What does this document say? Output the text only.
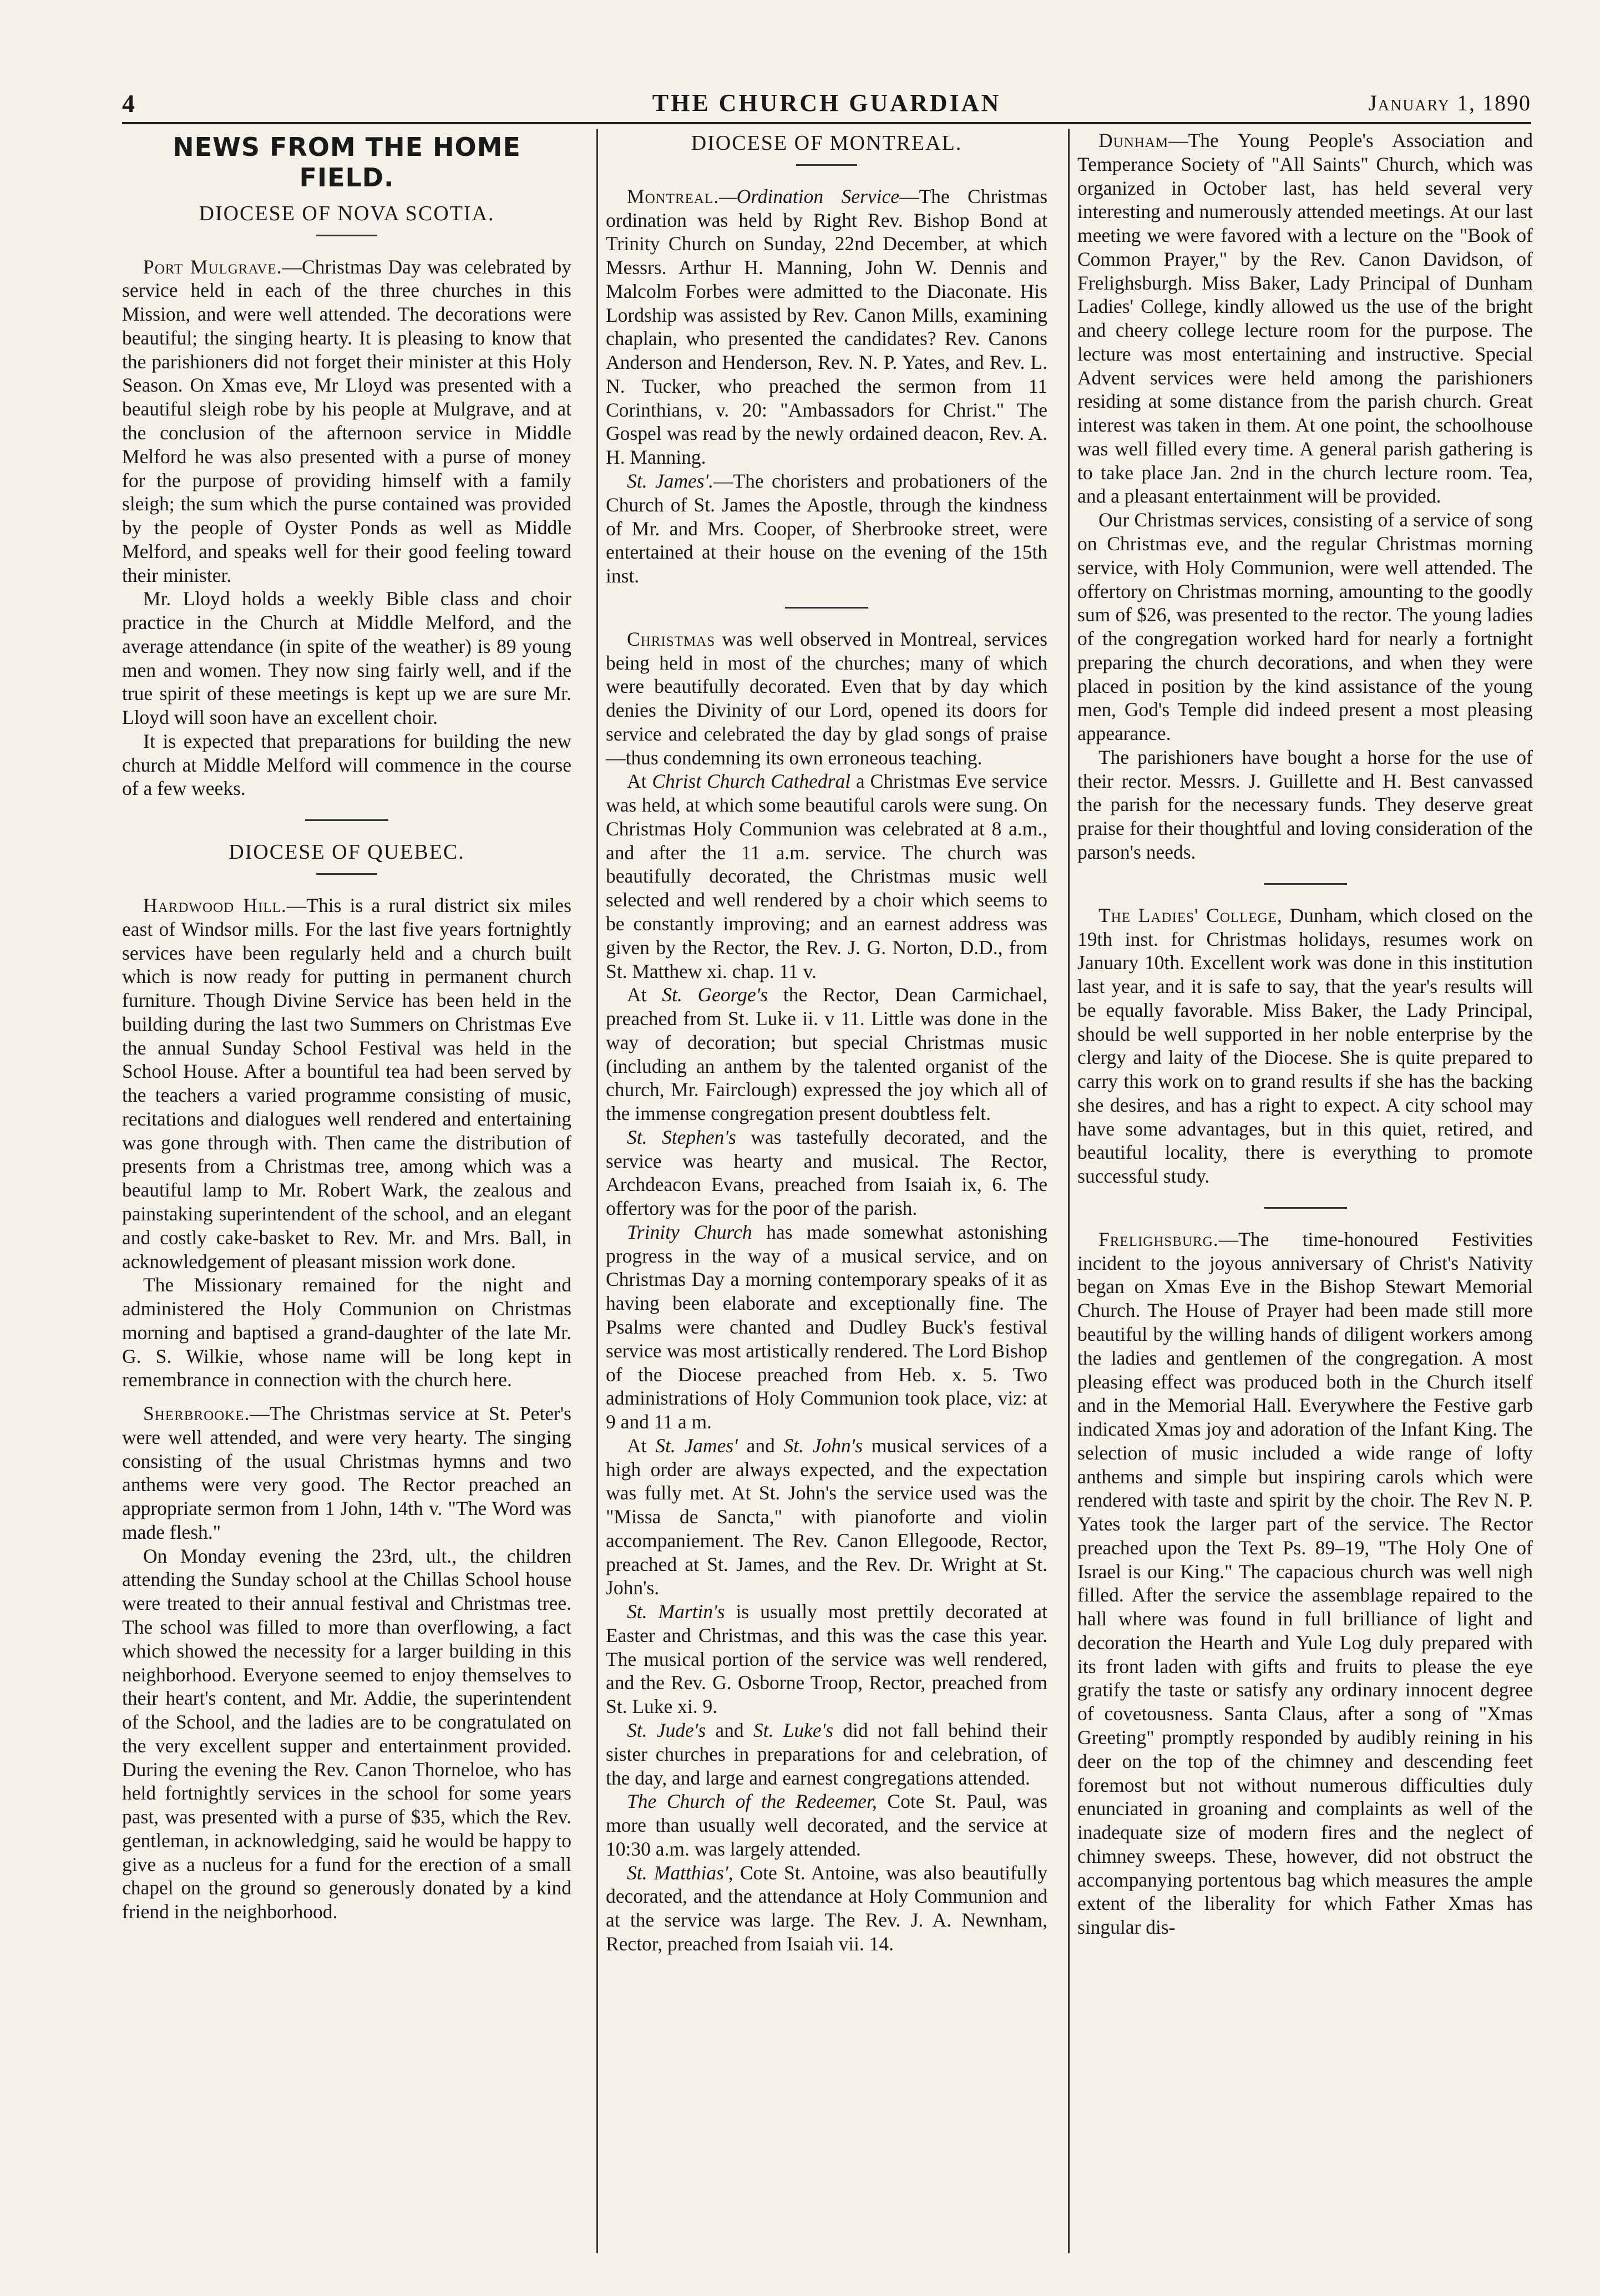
4	THE CHURCH GUARDIAN	January 1, 1890
NEWS FROM THE HOME FIELD.
DIOCESE OF NOVA SCOTIA.

Port Mulgrave.—Christmas Day was celebrated by service held in each of the three churches in this Mission, and were well attended. The decorations were beautiful; the singing hearty. It is pleasing to know that the parishioners did not forget their minister at this Holy Season. On Xmas eve, Mr Lloyd was presented with a beautiful sleigh robe by his people at Mulgrave, and at the conclusion of the afternoon service in Middle Melford he was also presented with a purse of money for the purpose of providing himself with a family sleigh; the sum which the purse contained was provided by the people of Oyster Ponds as well as Middle Melford, and speaks well for their good feeling toward their minister.

Mr. Lloyd holds a weekly Bible class and choir practice in the Church at Middle Melford, and the average attendance (in spite of the weather) is 89 young men and women. They now sing fairly well, and if the true spirit of these meetings is kept up we are sure Mr. Lloyd will soon have an excellent choir.

It is expected that preparations for building the new church at Middle Melford will commence in the course of a few weeks.

DIOCESE OF QUEBEC.

Hardwood Hill.—This is a rural district six miles east of Windsor mills. For the last five years fortnightly services have been regularly held and a church built which is now ready for putting in permanent church furniture. Though Divine Service has been held in the building during the last two Summers on Christmas Eve the annual Sunday School Festival was held in the School House. After a bountiful tea had been served by the teachers a varied programme consisting of music, recitations and dialogues well rendered and entertaining was gone through with. Then came the distribution of presents from a Christmas tree, among which was a beautiful lamp to Mr. Robert Wark, the zealous and painstaking superintendent of the school, and an elegant and costly cake-basket to Rev. Mr. and Mrs. Ball, in acknowledgement of pleasant mission work done.

The Missionary remained for the night and administered the Holy Communion on Christmas morning and baptised a grand-daughter of the late Mr. G. S. Wilkie, whose name will be long kept in remembrance in connection with the church here.

Sherbrooke.—The Christmas service at St. Peter's were well attended, and were very hearty. The singing consisting of the usual Christmas hymns and two anthems were very good. The Rector preached an appropriate sermon from 1 John, 14th v. "The Word was made flesh."

On Monday evening the 23rd, ult., the children attending the Sunday school at the Chillas School house were treated to their annual festival and Christmas tree. The school was filled to more than overflowing, a fact which showed the necessity for a larger building in this neighborhood. Everyone seemed to enjoy themselves to their heart's content, and Mr. Addie, the superintendent of the School, and the ladies are to be congratulated on the very excellent supper and entertainment provided. During the evening the Rev. Canon Thorneloe, who has held fortnightly services in the school for some years past, was presented with a purse of $35, which the Rev. gentleman, in acknowledging, said he would be happy to give as a nucleus for a fund for the erection of a small chapel on the ground so generously donated by a kind friend in the neighborhood.

DIOCESE OF MONTREAL.

Montreal.—Ordination Service—The Christmas ordination was held by Right Rev. Bishop Bond at Trinity Church on Sunday, 22nd December, at which Messrs. Arthur H. Manning, John W. Dennis and Malcolm Forbes were admitted to the Diaconate. His Lordship was assisted by Rev. Canon Mills, examining chaplain, who presented the candidates? Rev. Canons Anderson and Henderson, Rev. N. P. Yates, and Rev. L. N. Tucker, who preached the sermon from 11 Corinthians, v. 20: "Ambassadors for Christ." The Gospel was read by the newly ordained deacon, Rev. A. H. Manning.

St. James'.—The choristers and probationers of the Church of St. James the Apostle, through the kindness of Mr. and Mrs. Cooper, of Sherbrooke street, were entertained at their house on the evening of the 15th inst.

Christmas was well observed in Montreal, services being held in most of the churches; many of which were beautifully decorated. Even that by day which denies the Divinity of our Lord, opened its doors for service and celebrated the day by glad songs of praise—thus condemning its own erroneous teaching.

At Christ Church Cathedral a Christmas Eve service was held, at which some beautiful carols were sung. On Christmas Holy Communion was celebrated at 8 a.m., and after the 11 a.m. service. The church was beautifully decorated, the Christmas music well selected and well rendered by a choir which seems to be constantly improving; and an earnest address was given by the Rector, the Rev. J. G. Norton, D.D., from St. Matthew xi. chap. 11 v.

At St. George's the Rector, Dean Carmichael, preached from St. Luke ii. v 11. Little was done in the way of decoration; but special Christmas music (including an anthem by the talented organist of the church, Mr. Fairclough) expressed the joy which all of the immense congregation present doubtless felt.

St. Stephen's was tastefully decorated, and the service was hearty and musical. The Rector, Archdeacon Evans, preached from Isaiah ix, 6. The offertory was for the poor of the parish.

Trinity Church has made somewhat astonishing progress in the way of a musical service, and on Christmas Day a morning contemporary speaks of it as having been elaborate and exceptionally fine. The Psalms were chanted and Dudley Buck's festival service was most artistically rendered. The Lord Bishop of the Diocese preached from Heb. x. 5. Two administrations of Holy Communion took place, viz: at 9 and 11 a m.

At St. James' and St. John's musical services of a high order are always expected, and the expectation was fully met. At St. John's the service used was the "Missa de Sancta," with pianoforte and violin accompaniement. The Rev. Canon Ellegoode, Rector, preached at St. James, and the Rev. Dr. Wright at St. John's.

St. Martin's is usually most prettily decorated at Easter and Christmas, and this was the case this year. The musical portion of the service was well rendered, and the Rev. G. Osborne Troop, Rector, preached from St. Luke xi. 9.

St. Jude's and St. Luke's did not fall behind their sister churches in preparations for and celebration, of the day, and large and earnest congregations attended.

The Church of the Redeemer, Cote St. Paul, was more than usually well decorated, and the service at 10:30 a.m. was largely attended.

St. Matthias', Cote St. Antoine, was also beautifully decorated, and the attendance at Holy Communion and at the service was large. The Rev. J. A. Newnham, Rector, preached from Isaiah vii. 14.

Dunham—The Young People's Association and Temperance Society of "All Saints" Church, which was organized in October last, has held several very interesting and numerously attended meetings. At our last meeting we were favored with a lecture on the "Book of Common Prayer," by the Rev. Canon Davidson, of Frelighsburgh. Miss Baker, Lady Principal of Dunham Ladies' College, kindly allowed us the use of the bright and cheery college lecture room for the purpose. The lecture was most entertaining and instructive. Special Advent services were held among the parishioners residing at some distance from the parish church. Great interest was taken in them. At one point, the schoolhouse was well filled every time. A general parish gathering is to take place Jan. 2nd in the church lecture room. Tea, and a pleasant entertainment will be provided.

Our Christmas services, consisting of a service of song on Christmas eve, and the regular Christmas morning service, with Holy Communion, were well attended. The offertory on Christmas morning, amounting to the goodly sum of $26, was presented to the rector. The young ladies of the congregation worked hard for nearly a fortnight preparing the church decorations, and when they were placed in position by the kind assistance of the young men, God's Temple did indeed present a most pleasing appearance.

The parishioners have bought a horse for the use of their rector. Messrs. J. Guillette and H. Best canvassed the parish for the necessary funds. They deserve great praise for their thoughtful and loving consideration of the parson's needs.

The Ladies' College, Dunham, which closed on the 19th inst. for Christmas holidays, resumes work on January 10th. Excellent work was done in this institution last year, and it is safe to say, that the year's results will be equally favorable. Miss Baker, the Lady Principal, should be well supported in her noble enterprise by the clergy and laity of the Diocese. She is quite prepared to carry this work on to grand results if she has the backing she desires, and has a right to expect. A city school may have some advantages, but in this quiet, retired, and beautiful locality, there is everything to promote successful study.

Frelighsburg.—The time-honoured Festivities incident to the joyous anniversary of Christ's Nativity began on Xmas Eve in the Bishop Stewart Memorial Church. The House of Prayer had been made still more beautiful by the willing hands of diligent workers among the ladies and gentlemen of the congregation. A most pleasing effect was produced both in the Church itself and in the Memorial Hall. Everywhere the Festive garb indicated Xmas joy and adoration of the Infant King. The selection of music included a wide range of lofty anthems and simple but inspiring carols which were rendered with taste and spirit by the choir. The Rev N. P. Yates took the larger part of the service. The Rector preached upon the Text Ps. 89–19, "The Holy One of Israel is our King." The capacious church was well nigh filled. After the service the assemblage repaired to the hall where was found in full brilliance of light and decoration the Hearth and Yule Log duly prepared with its front laden with gifts and fruits to please the eye gratify the taste or satisfy any ordinary innocent degree of covetousness. Santa Claus, after a song of "Xmas Greeting" promptly responded by audibly reining in his deer on the top of the chimney and descending feet foremost but not without numerous difficulties duly enunciated in groaning and complaints as well of the inadequate size of modern fires and the neglect of chimney sweeps. These, however, did not obstruct the accompanying portentous bag which measures the ample extent of the liberality for which Father Xmas has singular dis-
